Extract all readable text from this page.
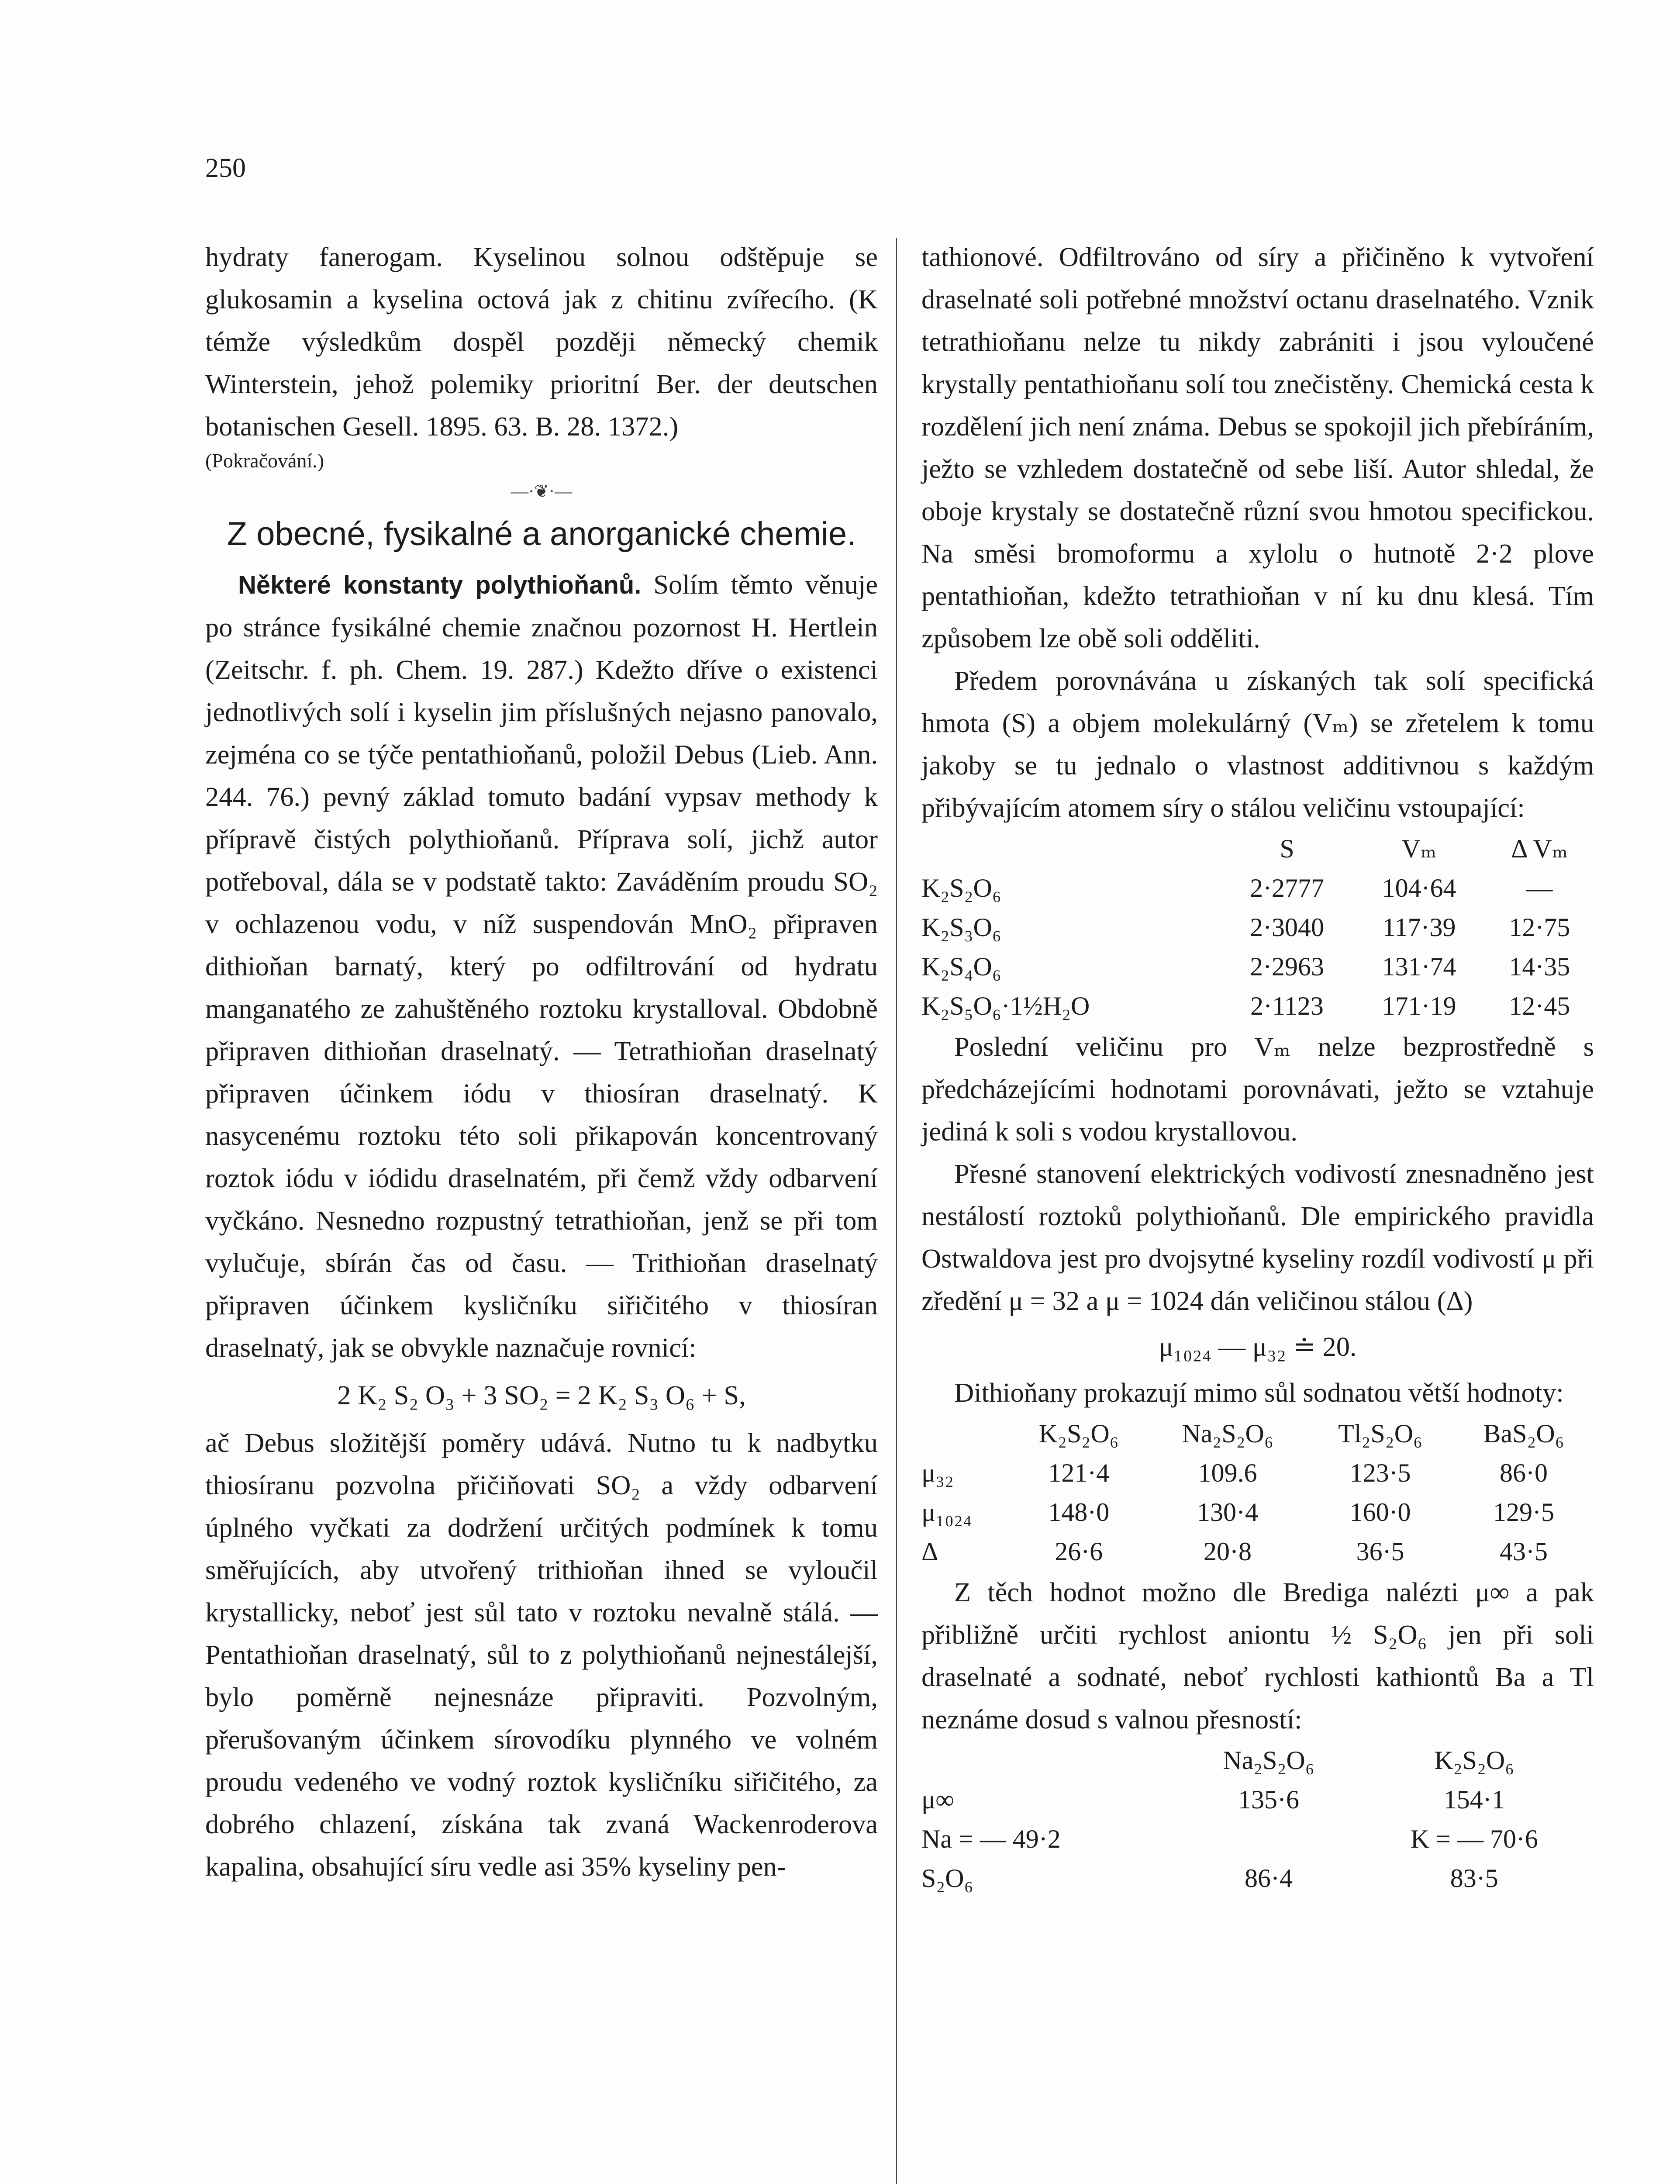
250

hydraty fanerogam. Kyselinou solnou odštěpuje se glukosamin a kyselina octová jak z chitinu zvířecího. (K témže výsledkům dospěl později německý chemik Winterstein, jehož polemiky prioritní Ber. der deutschen botanischen Gesell. 1895. 63. B. 28. 1372.)

(Pokračování.)

—·❦·—
Z obecné, fysikalné a anorganické chemie.

Některé konstanty polythioňanů. Solím těmto věnuje po stránce fysikálné chemie značnou pozornost H. Hertlein (Zeitschr. f. ph. Chem. 19. 287.) Kdežto dříve o existenci jednotlivých solí i kyselin jim příslušných nejasno panovalo, zejména co se týče pentathioňanů, položil Debus (Lieb. Ann. 244. 76.) pevný základ tomuto badání vypsav methody k přípravě čistých polythioňanů. Příprava solí, jichž autor potřeboval, dála se v podstatě takto: Zaváděním proudu SO₂ v ochlazenou vodu, v níž suspendován MnO₂ připraven dithioňan barnatý, který po odfiltrování od hydratu manganatého ze zahuštěného roztoku krystalloval. Obdobně připraven dithioňan draselnatý. — Tetrathioňan draselnatý připraven účinkem iódu v thiosíran draselnatý. K nasycenému roztoku této soli přikapován koncentrovaný roztok iódu v iódidu draselnatém, při čemž vždy odbarvení vyčkáno. Nesnedno rozpustný tetrathioňan, jenž se při tom vylučuje, sbírán čas od času. — Trithioňan draselnatý připraven účinkem kysličníku siřičitého v thiosíran draselnatý, jak se obvykle naznačuje rovnicí:

2 K₂ S₂ O₃ + 3 SO₂ = 2 K₂ S₃ O₆ + S,

ač Debus složitější poměry udává. Nutno tu k nadbytku thiosíranu pozvolna přičiňovati SO₂ a vždy odbarvení úplného vyčkati za dodržení určitých podmínek k tomu směřujících, aby utvořený trithioňan ihned se vyloučil krystallicky, neboť jest sůl tato v roztoku nevalně stálá. — Pentathioňan draselnatý, sůl to z polythioňanů nejnestálejší, bylo poměrně nejnesnáze připraviti. Pozvolným, přerušovaným účinkem sírovodíku plynného ve volném proudu vedeného ve vodný roztok kysličníku siřičitého, za dobrého chlazení, získána tak zvaná Wackenroderova kapalina, obsahující síru vedle asi 35% kyseliny pen-

tathionové. Odfiltrováno od síry a přičiněno k vytvoření draselnaté soli potřebné množství octanu draselnatého. Vznik tetrathioňanu nelze tu nikdy zabrániti i jsou vyloučené krystally pentathioňanu solí tou znečistěny. Chemická cesta k rozdělení jich není známa. Debus se spokojil jich přebíráním, ježto se vzhledem dostatečně od sebe liší. Autor shledal, že oboje krystaly se dostatečně různí svou hmotou specifickou. Na směsi bromoformu a xylolu o hutnotě 2·2 plove pentathioňan, kdežto tetrathioňan v ní ku dnu klesá. Tím způsobem lze obě soli odděliti.

Předem porovnávána u získaných tak solí specifická hmota (S) a objem molekulárný (Vₘ) se zřetelem k tomu jakoby se tu jednalo o vlastnost additivnou s každým přibývajícím atomem síry o stálou veličinu vstoupající:

	S	Vₘ	Δ Vₘ
K₂S₂O₆	2·2777	104·64	—
K₂S₃O₆	2·3040	117·39	12·75
K₂S₄O₆	2·2963	131·74	14·35
K₂S₅O₆·1½H₂O	2·1123	171·19	12·45

Poslední veličinu pro Vₘ nelze bezprostředně s předcházejícími hodnotami porovnávati, ježto se vztahuje jediná k soli s vodou krystallovou.

Přesné stanovení elektrických vodivostí znesnadněno jest nestálostí roztoků polythioňanů. Dle empirického pravidla Ostwaldova jest pro dvojsytné kyseliny rozdíl vodivostí μ při zředění μ = 32 a μ = 1024 dán veličinou stálou (Δ)

μ₁₀₂₄ — μ₃₂ ≐ 20.

Dithioňany prokazují mimo sůl sodnatou větší hodnoty:

	K₂S₂O₆	Na₂S₂O₆	Tl₂S₂O₆	BaS₂O₆
μ₃₂	121·4	109.6	123·5	86·0
μ₁₀₂₄	148·0	130·4	160·0	129·5
Δ	26·6	20·8	36·5	43·5

Z těch hodnot možno dle Brediga nalézti μ∞ a pak přibližně určiti rychlost aniontu ½ S₂O₆ jen při soli draselnaté a sodnaté, neboť rychlosti kathiontů Ba a Tl neznáme dosud s valnou přesností:

	Na₂S₂O₆	K₂S₂O₆
μ∞	135·6	154·1
Na = — 49·2		K = — 70·6
S₂O₆	86·4	83·5
